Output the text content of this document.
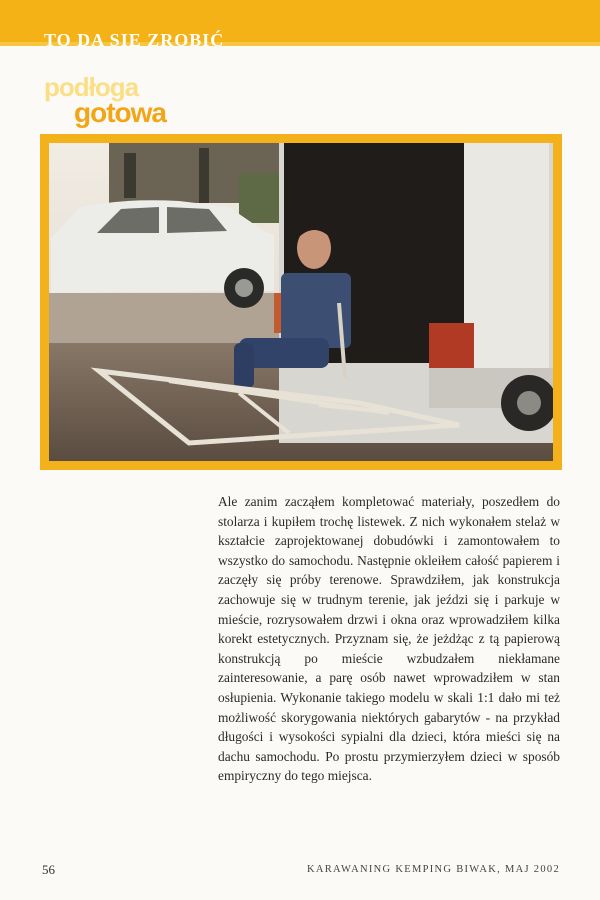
TO DA SIE ZROBIĆ
podłoga
gotowa

Ale zanim zacząłem kompletować materiały, poszedłem do stolarza i kupiłem trochę listewek. Z nich wykonałem stelaż w kształcie zaprojektowanej dobudówki i zamontowałem to wszystko do samochodu. Następnie okleiłem całość papierem i zaczęły się próby terenowe. Sprawdziłem, jak konstrukcja zachowuje się w trudnym terenie, jak jeździ się i parkuje w mieście, rozrysowałem drzwi i okna oraz wprowadziłem kilka korekt estetycznych. Przyznam się, że jeżdżąc z tą papierową konstrukcją po mieście wzbudzałem niekłamane zainteresowanie, a parę osób nawet wprowadziłem w stan osłupienia. Wykonanie takiego modelu w skali 1:1 dało mi też możliwość skorygowania niektórych gabarytów - na przykład długości i wysokości sypialni dla dzieci, która mieści się na dachu samochodu. Po prostu przymierzyłem dzieci w sposób empiryczny do tego miejsca.

56	KARAWANING KEMPING BIWAK, MAJ 2002
